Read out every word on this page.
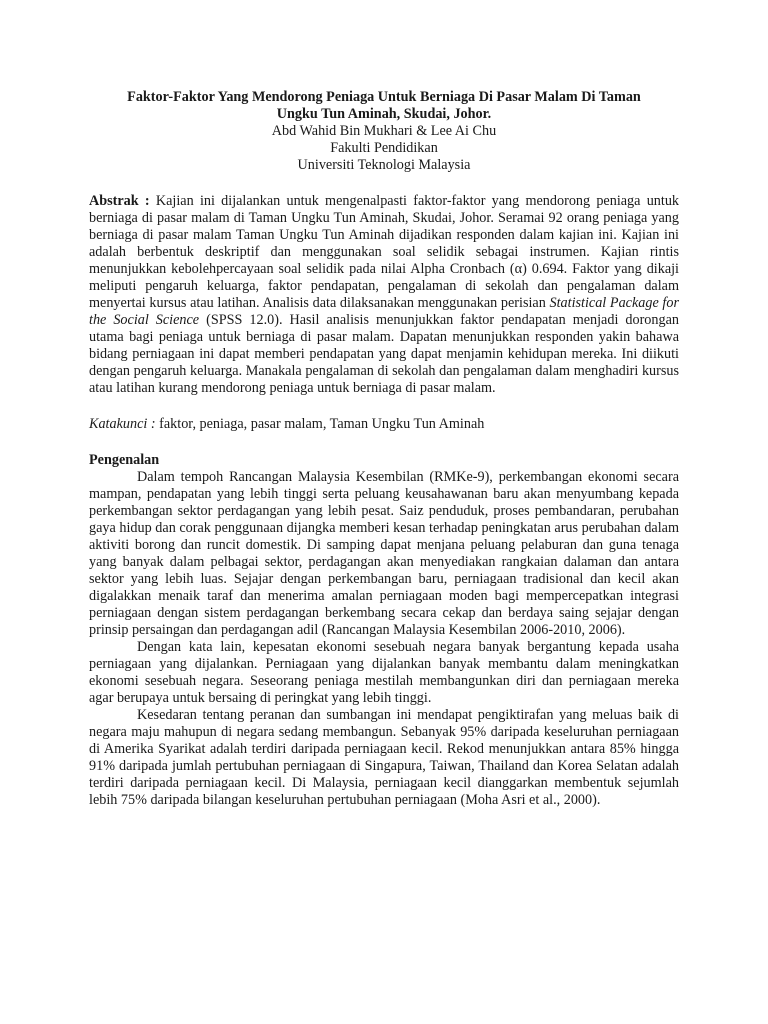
Faktor-Faktor Yang Mendorong Peniaga Untuk Berniaga Di Pasar Malam Di Taman

Ungku Tun Aminah, Skudai, Johor.

Abd Wahid Bin Mukhari & Lee Ai Chu

Fakulti Pendidikan

Universiti Teknologi Malaysia

Abstrak : Kajian ini dijalankan untuk mengenalpasti faktor-faktor yang mendorong peniaga untuk berniaga di pasar malam di Taman Ungku Tun Aminah, Skudai, Johor. Seramai 92 orang peniaga yang berniaga di pasar malam Taman Ungku Tun Aminah dijadikan responden dalam kajian ini. Kajian ini adalah berbentuk deskriptif dan menggunakan soal selidik sebagai instrumen. Kajian rintis menunjukkan kebolehpercayaan soal selidik pada nilai Alpha Cronbach (α) 0.694. Faktor yang dikaji meliputi pengaruh keluarga, faktor pendapatan, pengalaman di sekolah dan pengalaman dalam menyertai kursus atau latihan. Analisis data dilaksanakan menggunakan perisian Statistical Package for the Social Science (SPSS 12.0). Hasil analisis menunjukkan faktor pendapatan menjadi dorongan utama bagi peniaga untuk berniaga di pasar malam. Dapatan menunjukkan responden yakin bahawa bidang perniagaan ini dapat memberi pendapatan yang dapat menjamin kehidupan mereka. Ini diikuti dengan pengaruh keluarga. Manakala pengalaman di sekolah dan pengalaman dalam menghadiri kursus atau latihan kurang mendorong peniaga untuk berniaga di pasar malam.

Katakunci : faktor, peniaga, pasar malam, Taman Ungku Tun Aminah

Pengenalan

Dalam tempoh Rancangan Malaysia Kesembilan (RMKe-9), perkembangan ekonomi secara mampan, pendapatan yang lebih tinggi serta peluang keusahawanan baru akan menyumbang kepada perkembangan sektor perdagangan yang lebih pesat. Saiz penduduk, proses pembandaran, perubahan gaya hidup dan corak penggunaan dijangka memberi kesan terhadap peningkatan arus perubahan dalam aktiviti borong dan runcit domestik. Di samping dapat menjana peluang pelaburan dan guna tenaga yang banyak dalam pelbagai sektor, perdagangan akan menyediakan rangkaian dalaman dan antara sektor yang lebih luas. Sejajar dengan perkembangan baru, perniagaan tradisional dan kecil akan digalakkan menaik taraf dan menerima amalan perniagaan moden bagi mempercepatkan integrasi perniagaan dengan sistem perdagangan berkembang secara cekap dan berdaya saing sejajar dengan prinsip persaingan dan perdagangan adil (Rancangan Malaysia Kesembilan 2006-2010, 2006).

Dengan kata lain, kepesatan ekonomi sesebuah negara banyak bergantung kepada usaha perniagaan yang dijalankan. Perniagaan yang dijalankan banyak membantu dalam meningkatkan ekonomi sesebuah negara. Seseorang peniaga mestilah membangunkan diri dan perniagaan mereka agar berupaya untuk bersaing di peringkat yang lebih tinggi.

Kesedaran tentang peranan dan sumbangan ini mendapat pengiktirafan yang meluas baik di negara maju mahupun di negara sedang membangun. Sebanyak 95% daripada keseluruhan perniagaan di Amerika Syarikat adalah terdiri daripada perniagaan kecil. Rekod menunjukkan antara 85% hingga 91% daripada jumlah pertubuhan perniagaan di Singapura, Taiwan, Thailand dan Korea Selatan adalah terdiri daripada perniagaan kecil. Di Malaysia, perniagaan kecil dianggarkan membentuk sejumlah lebih 75% daripada bilangan keseluruhan pertubuhan perniagaan (Moha Asri et al., 2000).
